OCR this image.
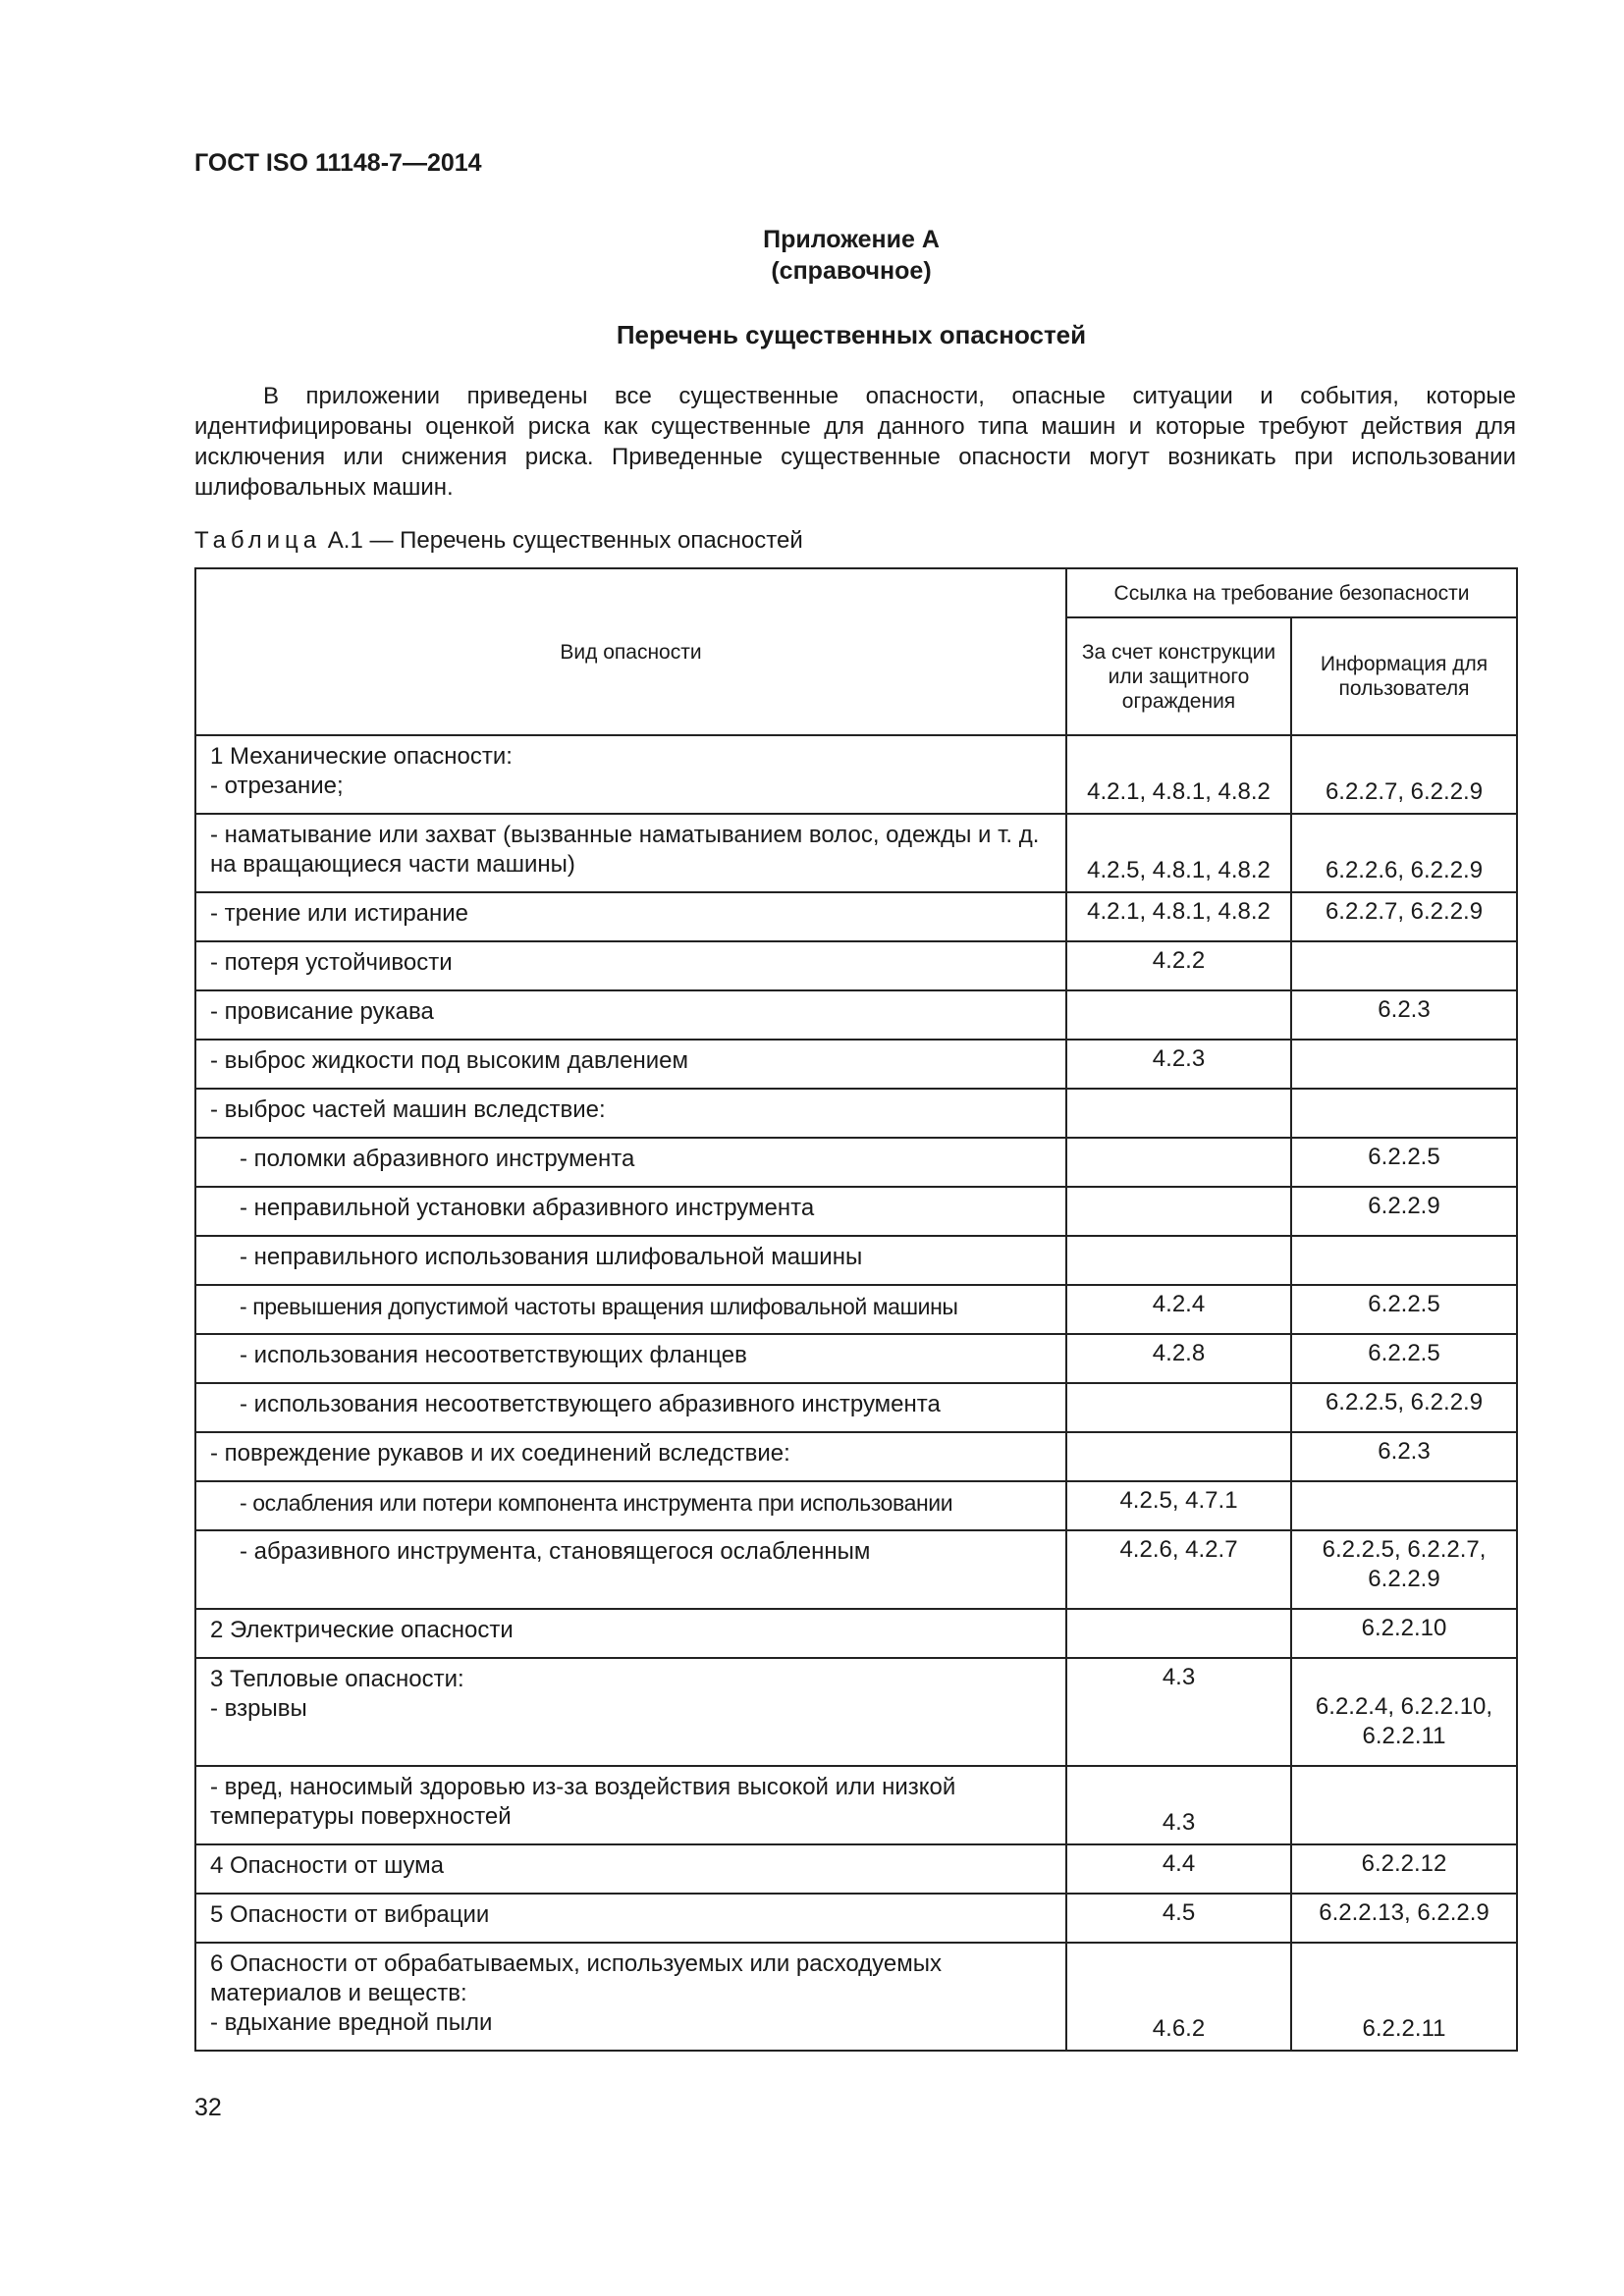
ГОСТ ISO 11148-7—2014
Приложение А
(справочное)
Перечень существенных опасностей

В приложении приведены все существенные опасности, опасные ситуации и события, которые идентифицированы оценкой риска как существенные для данного типа машин и которые требуют действия для исключения или снижения риска. Приведенные существенные опасности могут возникать при использовании шлифовальных машин.

Таблица А.1 — Перечень существенных опасностей
Вид опасности	Ссылка на требование безопасности	
	За счет конструкции или защитного ограждения	Информация для пользователя
1 Механические опасности:
- отрезание;	4.2.1, 4.8.1, 4.8.2	6.2.2.7, 6.2.2.9
- наматывание или захват (вызванные наматыванием волос, одежды и т. д. на вращающиеся части машины)	4.2.5, 4.8.1, 4.8.2	6.2.2.6, 6.2.2.9
- трение или истирание	4.2.1, 4.8.1, 4.8.2	6.2.2.7, 6.2.2.9
- потеря устойчивости	4.2.2	
- провисание рукава		6.2.3
- выброс жидкости под высоким давлением	4.2.3	
- выброс частей машин вследствие:		

- поломки абразивного инструмента		6.2.2.5

- неправильной установки абразивного инструмента		6.2.2.9

- неправильного использования шлифовальной машины		

- превышения допустимой частоты вращения шлифовальной машины	4.2.4	6.2.2.5

- использования несоответствующих фланцев	4.2.8	6.2.2.5

- использования несоответствующего абразивного инструмента		6.2.2.5, 6.2.2.9
- повреждение рукавов и их соединений вследствие:		6.2.3

- ослабления или потери компонента инструмента при использовании	4.2.5, 4.7.1	

- абразивного инструмента, становящегося ослабленным	4.2.6, 4.2.7	6.2.2.5, 6.2.2.7, 6.2.2.9
2 Электрические опасности		6.2.2.10
3 Тепловые опасности:
- взрывы	4.3	6.2.2.4, 6.2.2.10, 6.2.2.11
- вред, наносимый здоровью из-за воздействия высокой или низкой температуры поверхностей	4.3	
4 Опасности от шума	4.4	6.2.2.12
5 Опасности от вибрации	4.5	6.2.2.13, 6.2.2.9
6 Опасности от обрабатываемых, используемых или расходуемых материалов и веществ:
- вдыхание вредной пыли	4.6.2	6.2.2.11
32
